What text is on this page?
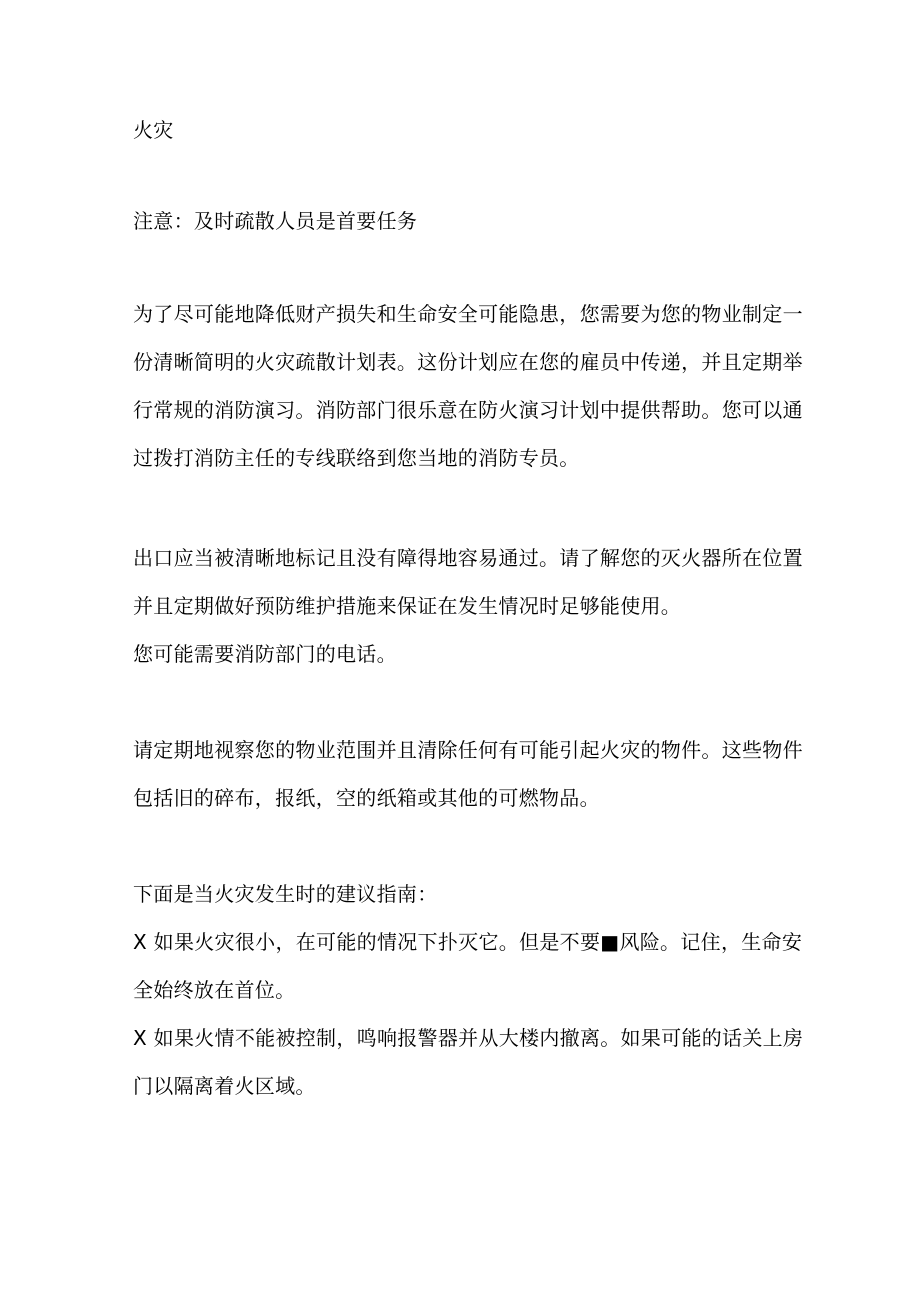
火灾

注意：及时疏散人员是首要任务

为了尽可能地降低财产损失和生命安全可能隐患，您需要为您的物业制定一

份清晰简明的火灾疏散计划表。这份计划应在您的雇员中传递，并且定期举

行常规的消防演习。消防部门很乐意在防火演习计划中提供帮助。您可以通

过拨打消防主任的专线联络到您当地的消防专员。

出口应当被清晰地标记且没有障得地容易通过。请了解您的灭火器所在位置

并且定期做好预防维护措施来保证在发生情况时足够能使用。

您可能需要消防部门的电话。

请定期地视察您的物业范围并且清除任何有可能引起火灾的物件。这些物件

包括旧的碎布，报纸，空的纸箱或其他的可燃物品。

下面是当火灾发生时的建议指南：

X 如果火灾很小，在可能的情况下扑灭它。但是不要■风险。记住，生命安

全始终放在首位。

X 如果火情不能被控制，鸣响报警器并从大楼内撤离。如果可能的话关上房

门以隔离着火区域。
